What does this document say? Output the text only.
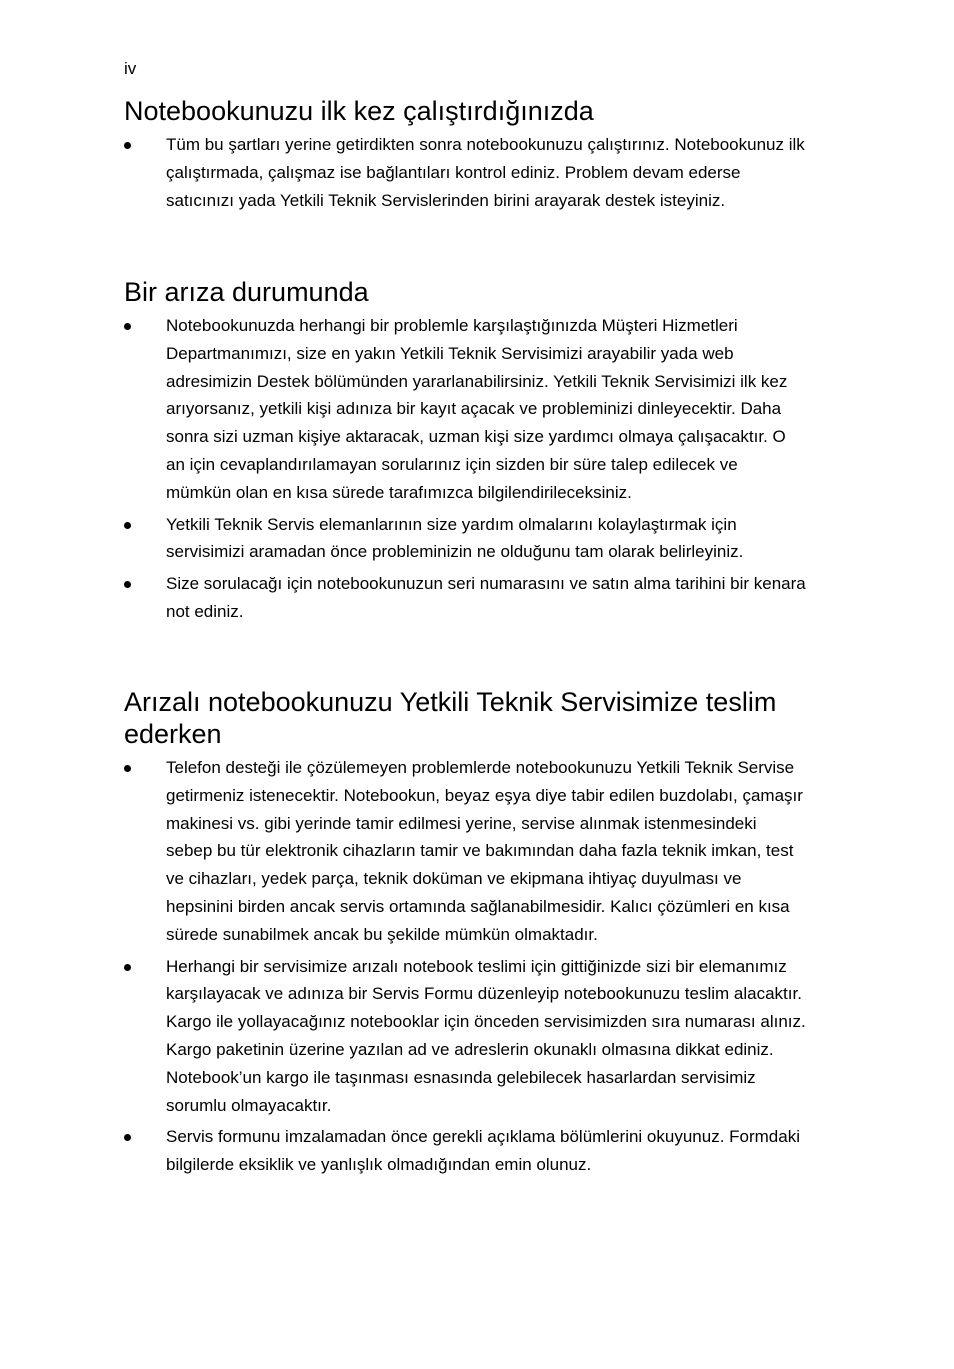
iv
Notebookunuzu ilk kez çalıştırdığınızda
Tüm bu şartları yerine getirdikten sonra notebookunuzu çalıştırınız. Notebookunuz ilk çalıştırmada, çalışmaz ise bağlantıları kontrol ediniz. Problem devam ederse satıcınızı yada Yetkili Teknik Servislerinden birini arayarak destek isteyiniz.
Bir arıza durumunda
Notebookunuzda herhangi bir problemle karşılaştığınızda Müşteri Hizmetleri Departmanımızı, size en yakın Yetkili Teknik Servisimizi arayabilir yada web adresimizin Destek bölümünden yararlanabilirsiniz. Yetkili Teknik Servisimizi ilk kez arıyorsanız, yetkili kişi adınıza bir kayıt açacak ve probleminizi dinleyecektir. Daha sonra sizi uzman kişiye aktaracak, uzman kişi size yardımcı olmaya çalışacaktır. O an için cevaplandırılamayan sorularınız için sizden bir süre talep edilecek ve mümkün olan en kısa sürede tarafımızca bilgilendirileceksiniz.
Yetkili Teknik Servis elemanlarının size yardım olmalarını kolaylaştırmak için servisimizi aramadan önce probleminizin ne olduğunu tam olarak belirleyiniz.
Size sorulacağı için notebookunuzun seri numarasını ve satın alma tarihini bir kenara not ediniz.
Arızalı notebookunuzu Yetkili Teknik Servisimize teslim ederken
Telefon desteği ile çözülemeyen problemlerde notebookunuzu Yetkili Teknik Servise getirmeniz istenecektir. Notebookun, beyaz eşya diye tabir edilen buzdolabı, çamaşır makinesi vs. gibi yerinde tamir edilmesi yerine, servise alınmak istenmesindeki sebep bu tür elektronik cihazların tamir ve bakımından daha fazla teknik imkan, test ve cihazları, yedek parça, teknik doküman ve ekipmana ihtiyaç duyulması ve hepsinini birden ancak servis ortamında sağlanabilmesidir. Kalıcı çözümleri en kısa sürede sunabilmek ancak bu şekilde mümkün olmaktadır.
Herhangi bir servisimize arızalı notebook teslimi için gittiğinizde sizi bir elemanımız karşılayacak ve adınıza bir Servis Formu düzenleyip notebookunuzu teslim alacaktır. Kargo ile yollayacağınız notebooklar için önceden servisimizden sıra numarası alınız. Kargo paketinin üzerine yazılan ad ve adreslerin okunaklı olmasına dikkat ediniz. Notebook’un kargo ile taşınması esnasında gelebilecek hasarlardan servisimiz sorumlu olmayacaktır.
Servis formunu imzalamadan önce gerekli açıklama bölümlerini okuyunuz. Formdaki bilgilerde eksiklik ve yanlışlık olmadığından emin olunuz.
